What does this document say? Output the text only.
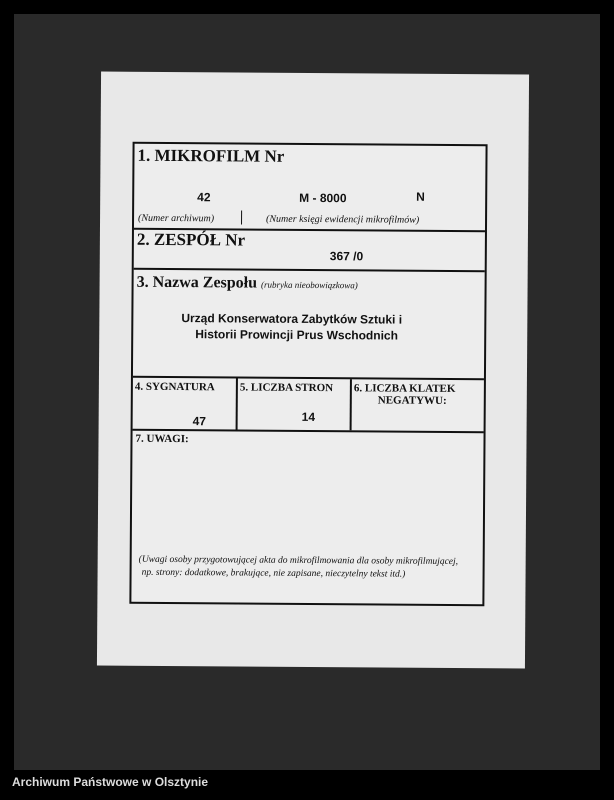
1. MIKROFILM Nr
42	M - 8000	N
(Numer archiwum)	(Numer księgi ewidencji mikrofilmów)
2. ZESPÓŁ Nr
367 /0
3. Nazwa Zespołu (rubryka nieobowiązkowa)
Urząd Konserwatora Zabytków Sztuki i
Historii Prowincji Prus Wschodnich
4. SYGNATURA
47
5. LICZBA STRON
14
6. LICZBA KLATEK
NEGATYWU:
7. UWAGI:
(Uwagi osoby przygotowującej akta do mikrofilmowania dla osoby mikrofilmującej,
np. strony: dodatkowe, brakujące, nie zapisane, nieczytelny tekst itd.)
Archiwum Państwowe w Olsztynie
